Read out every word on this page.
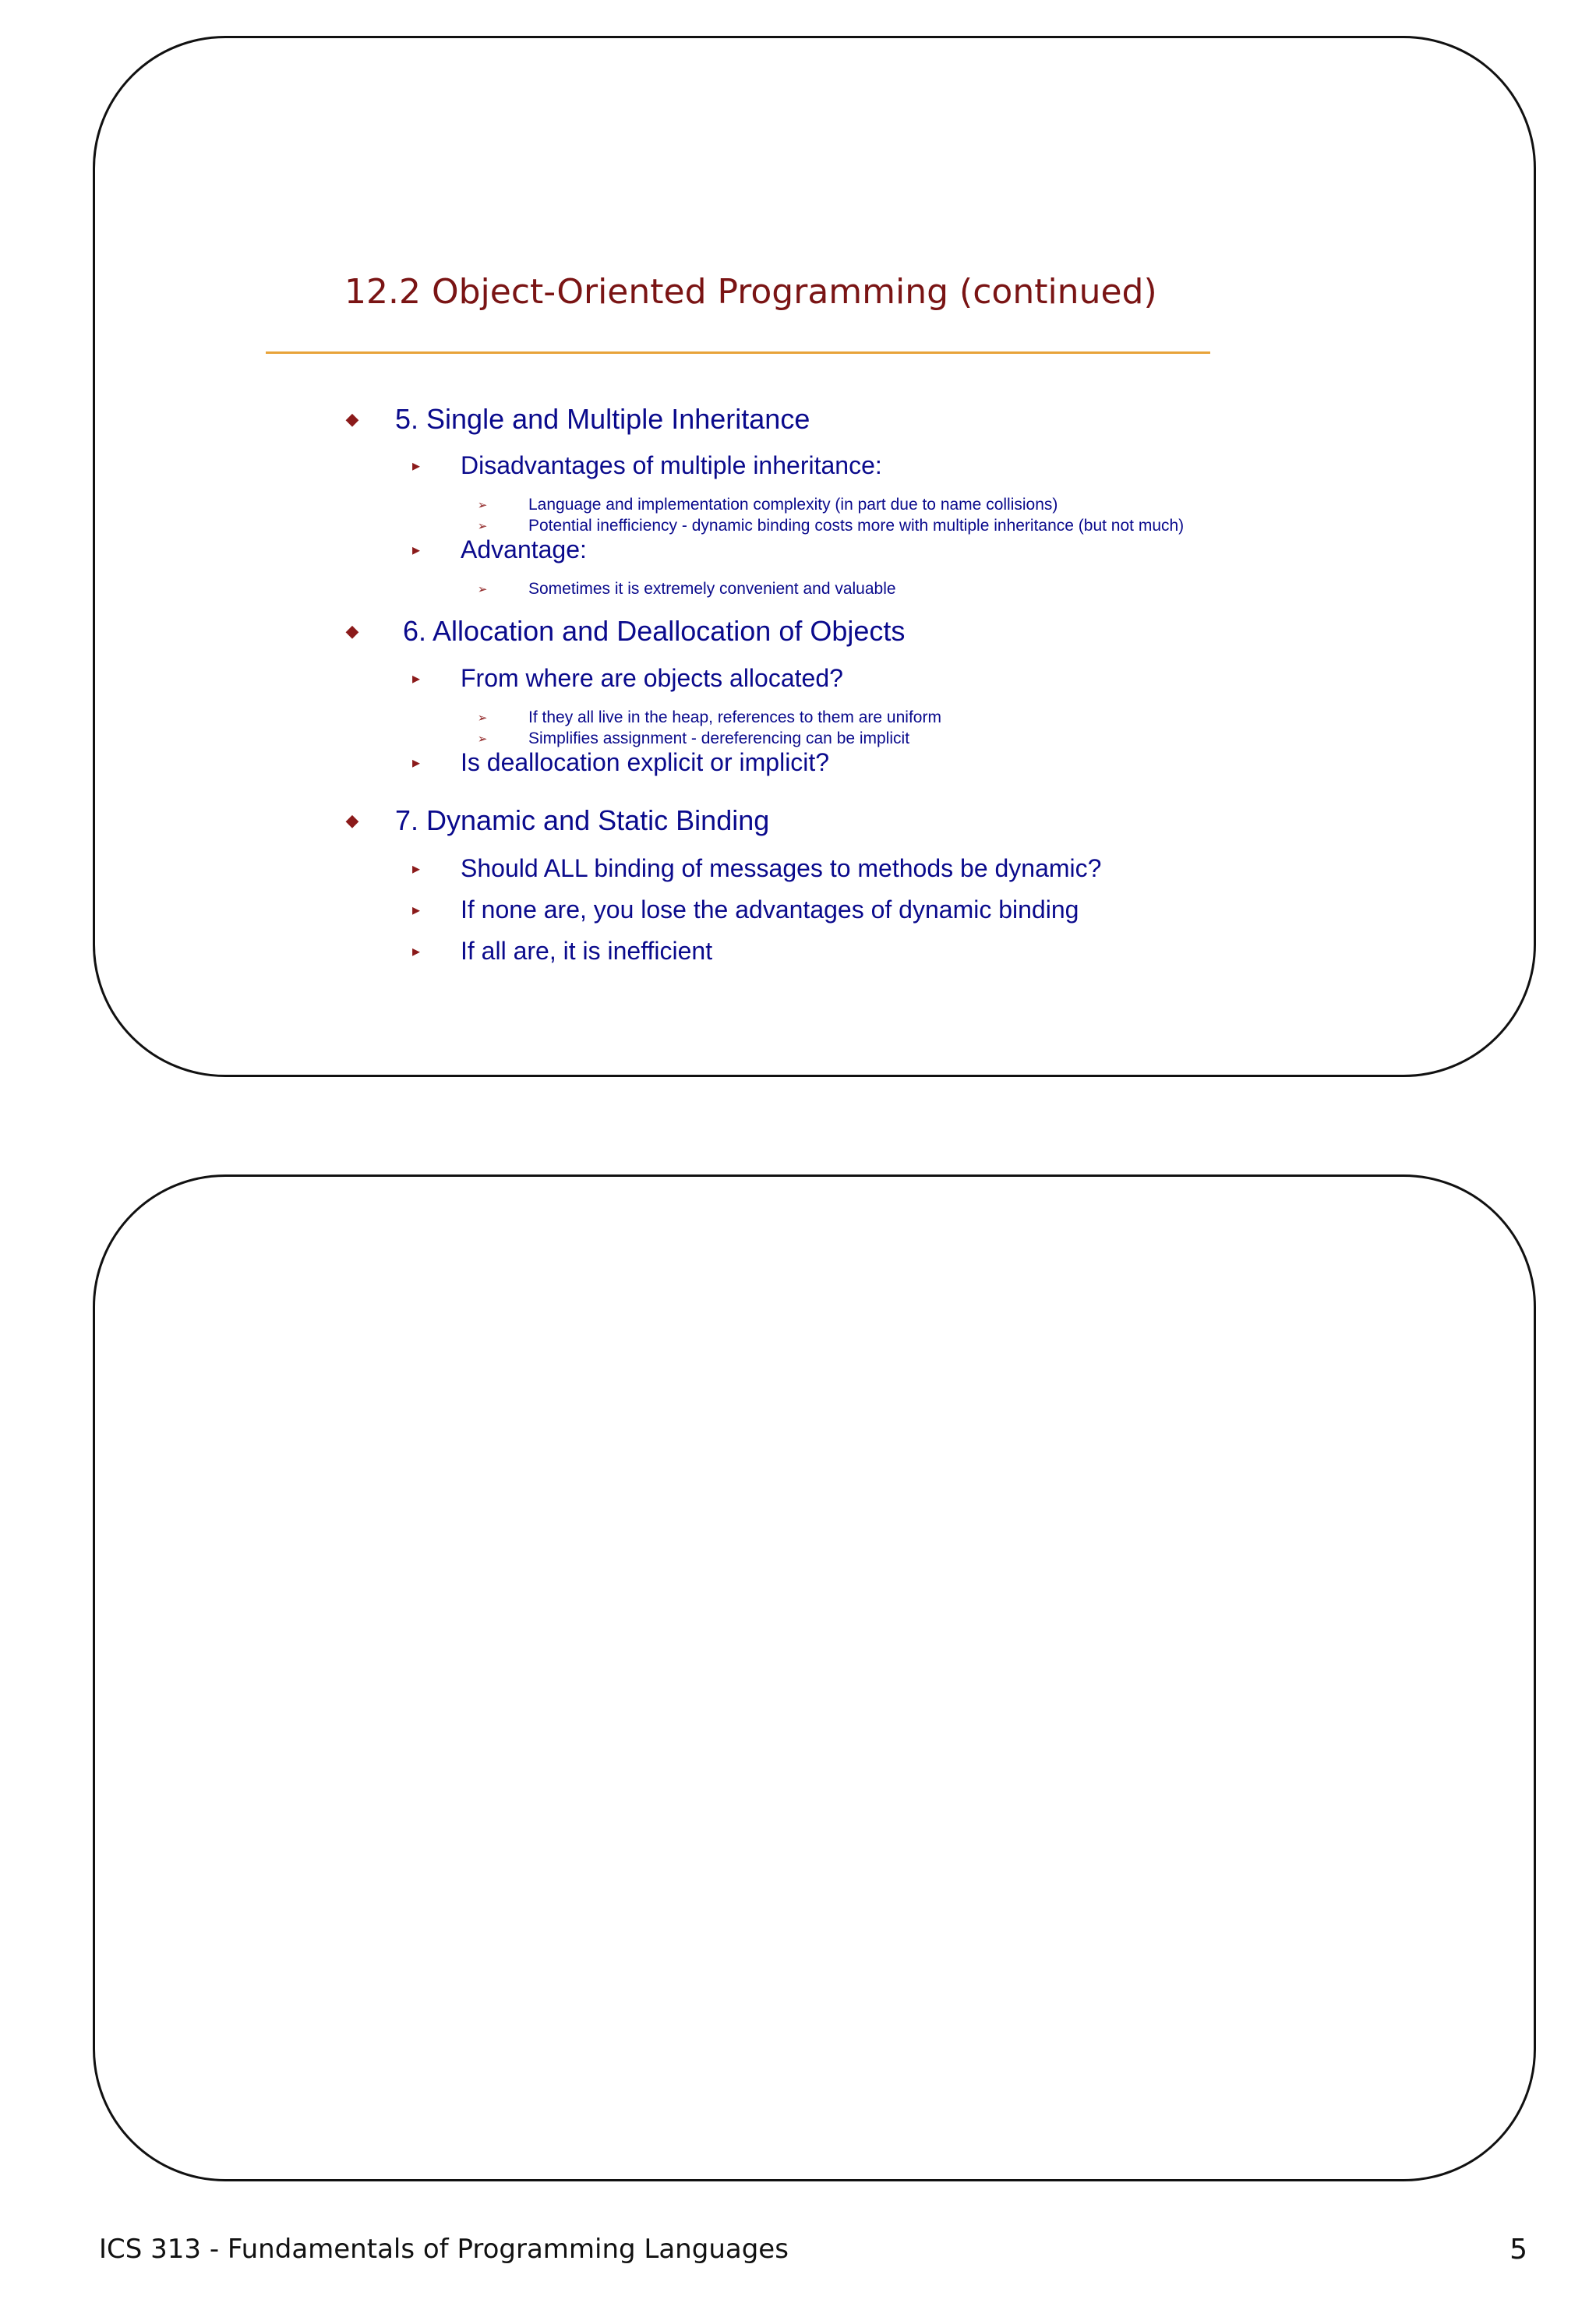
12.2 Object-Oriented Programming (continued)
◆ 5. Single and Multiple Inheritance
▸ Disadvantages of multiple inheritance:
➢	Language and implementation complexity (in part due to name collisions)
➢	Potential inefficiency - dynamic binding costs more with multiple inheritance (but not much)
▸ Advantage:
➢	Sometimes it is extremely convenient and valuable
◆ 6. Allocation and Deallocation of Objects
▸ From where are objects allocated?
➢	If they all live in the heap, references to them are uniform
➢	Simplifies assignment - dereferencing can be implicit
▸ Is deallocation explicit or implicit?
◆ 7. Dynamic and Static Binding
▸ Should ALL binding of messages to methods be dynamic?
▸ If none are, you lose the advantages of dynamic binding
▸ If all are, it is inefficient
ICS 313 - Fundamentals of Programming Languages	5
